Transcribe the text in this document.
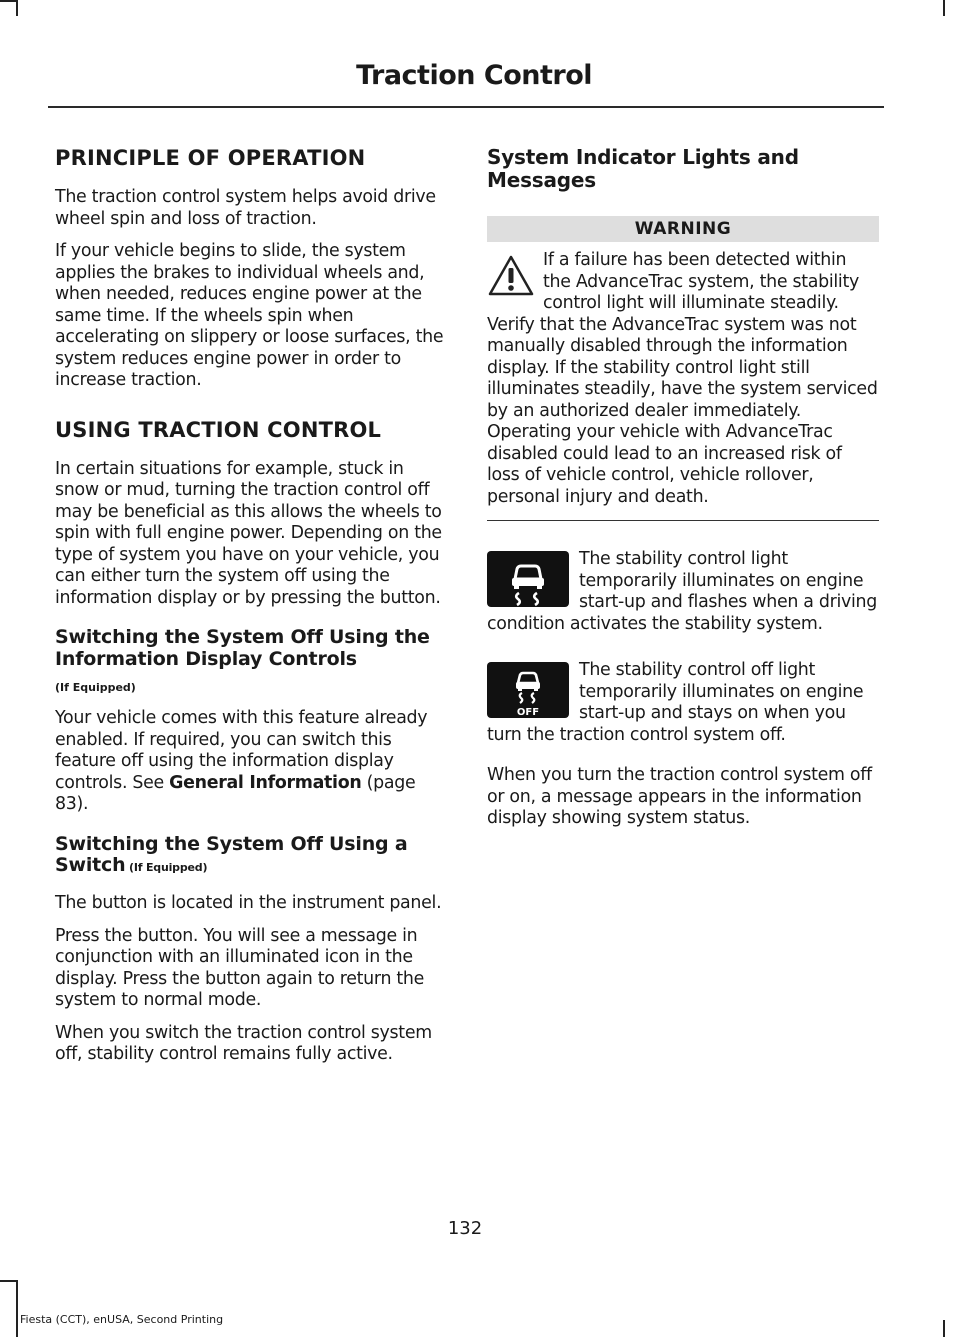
Traction Control
PRINCIPLE OF OPERATION

The traction control system helps avoid drive wheel spin and loss of traction.

If your vehicle begins to slide, the system applies the brakes to individual wheels and, when needed, reduces engine power at the same time. If the wheels spin when accelerating on slippery or loose surfaces, the system reduces engine power in order to increase traction.

USING TRACTION CONTROL

In certain situations for example, stuck in snow or mud, turning the traction control off may be beneficial as this allows the wheels to spin with full engine power. Depending on the type of system you have on your vehicle, you can either turn the system off using the information display or by pressing the button.

Switching the System Off Using the Information Display Controls
(If Equipped)

Your vehicle comes with this feature already enabled. If required, you can switch this feature off using the information display controls. See General Information (page 83).

Switching the System Off Using a Switch (If Equipped)

The button is located in the instrument panel.

Press the button. You will see a message in conjunction with an illuminated icon in the display. Press the button again to return the system to normal mode.

When you switch the traction control system off, stability control remains fully active.

System Indicator Lights and Messages
WARNING

If a failure has been detected within the AdvanceTrac system, the stability control light will illuminate steadily. Verify that the AdvanceTrac system was not manually disabled through the information display. If the stability control light still illuminates steadily, have the system serviced by an authorized dealer immediately. Operating your vehicle with AdvanceTrac disabled could lead to an increased risk of loss of vehicle control, vehicle rollover, personal injury and death.

The stability control light temporarily illuminates on engine start-up and flashes when a driving condition activates the stability system.

OFF

The stability control off light temporarily illuminates on engine start-up and stays on when you turn the traction control system off.

When you turn the traction control system off or on, a message appears in the information display showing system status.

132
Fiesta (CCT), enUSA, Second Printing
